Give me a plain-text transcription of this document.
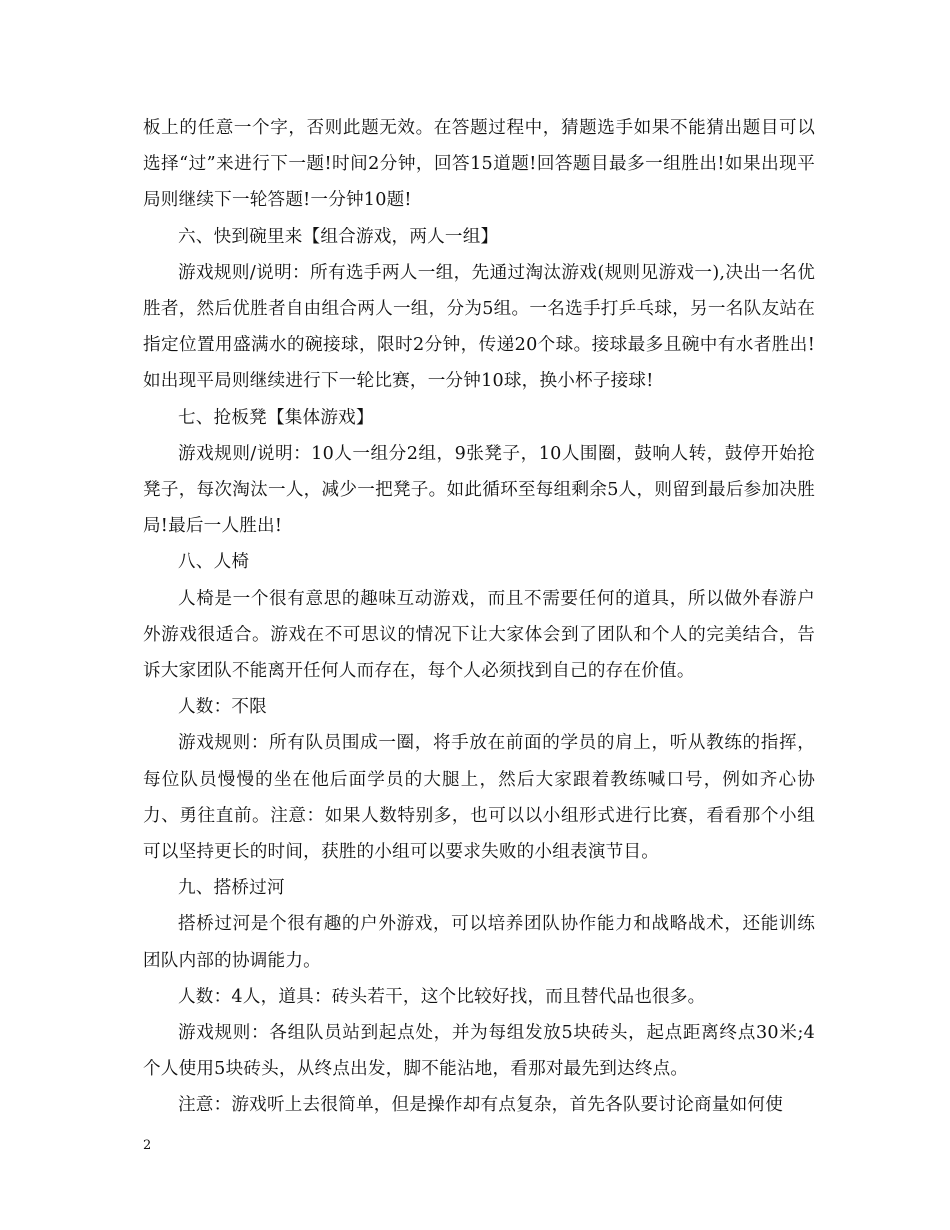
板上的任意一个字，否则此题无效。在答题过程中，猜题选手如果不能猜出题目可以选择“过”来进行下一题!时间2分钟，回答15道题!回答题目最多一组胜出!如果出现平局则继续下一轮答题!一分钟10题!

六、快到碗里来【组合游戏，两人一组】

游戏规则/说明：所有选手两人一组，先通过淘汰游戏(规则见游戏一),决出一名优胜者，然后优胜者自由组合两人一组，分为5组。一名选手打乒乓球，另一名队友站在指定位置用盛满水的碗接球，限时2分钟，传递20个球。接球最多且碗中有水者胜出!如出现平局则继续进行下一轮比赛，一分钟10球，换小杯子接球!

七、抢板凳【集体游戏】

游戏规则/说明：10人一组分2组，9张凳子，10人围圈，鼓响人转，鼓停开始抢凳子，每次淘汰一人，减少一把凳子。如此循环至每组剩余5人，则留到最后参加决胜局!最后一人胜出!

八、人椅

人椅是一个很有意思的趣味互动游戏，而且不需要任何的道具，所以做外春游户外游戏很适合。游戏在不可思议的情况下让大家体会到了团队和个人的完美结合，告诉大家团队不能离开任何人而存在，每个人必须找到自己的存在价值。

人数：不限

游戏规则：所有队员围成一圈，将手放在前面的学员的肩上，听从教练的指挥，每位队员慢慢的坐在他后面学员的大腿上，然后大家跟着教练喊口号，例如齐心协力、勇往直前。注意：如果人数特别多，也可以以小组形式进行比赛，看看那个小组可以坚持更长的时间，获胜的小组可以要求失败的小组表演节目。

九、搭桥过河

搭桥过河是个很有趣的户外游戏，可以培养团队协作能力和战略战术，还能训练团队内部的协调能力。

人数：4人，道具：砖头若干，这个比较好找，而且替代品也很多。

游戏规则：各组队员站到起点处，并为每组发放5块砖头，起点距离终点30米;4个人使用5块砖头，从终点出发，脚不能沾地，看那对最先到达终点。

注意：游戏听上去很简单，但是操作却有点复杂，首先各队要讨论商量如何使

2
